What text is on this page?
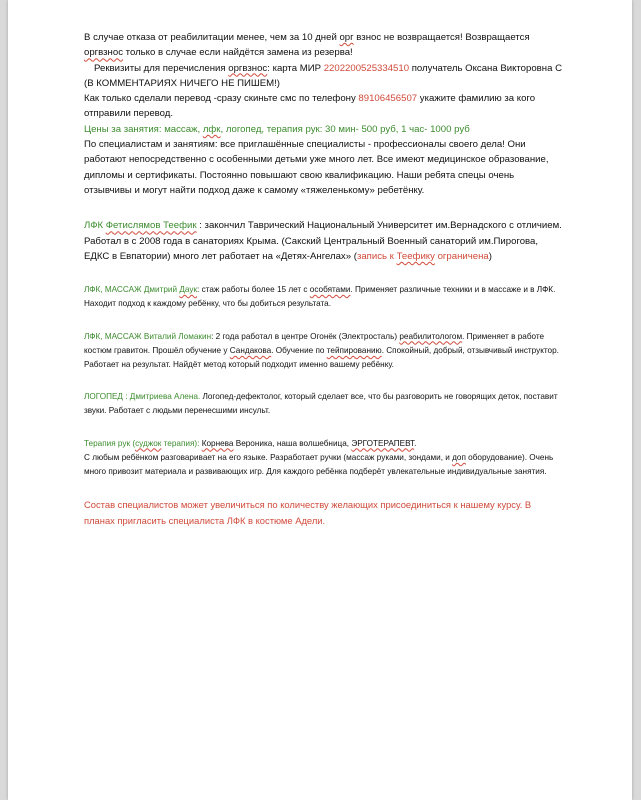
В случае отказа от реабилитации менее, чем за 10 дней орг взнос не возвращается! Возвращается оргвзнос только в случае если найдётся замена из резерва!

Реквизиты для перечисления оргвзнос: карта МИР 2202200525334510 получатель Оксана Викторовна С (В КОММЕНТАРИЯХ НИЧЕГО НЕ ПИШЕМ!)

Как только сделали перевод -сразу скиньте смс по телефону 89106456507 укажите фамилию за кого отправили перевод.

Цены за занятия: массаж, лфк, логопед, терапия рук: 30 мин- 500 руб, 1 час- 1000 руб

По специалистам и занятиям: все приглашённые специалисты - профессионалы своего дела! Они работают непосредственно с особенными детьми уже много лет. Все имеют медицинское образование, дипломы и сертификаты. Постоянно повышают свою квалификацию. Наши ребята спецы очень отзывчивы и могут найти подход даже к самому «тяжеленькому» ребетёнку.

ЛФК Фетислямов Теефик : закончил Таврический Национальный Университет им.Вернадского с отличием. Работал в с 2008 года в санаториях Крыма. (Сакский Центральный Военный санаторий им.Пирогова, ЕДКС в Евпатории) много лет работает на «Детях-Ангелах» (запись к Теефику ограничена)

ЛФК, МАССАЖ Дмитрий Даук: стаж работы более 15 лет с особятами. Применяет различные техники и в массаже и в ЛФК. Находит подход к каждому ребёнку, что бы добиться результата.

ЛФК, МАССАЖ Виталий Ломакин: 2 года работал в центре Огонёк (Электросталь) реабилитологом. Применяет в работе костюм гравитон. Прошёл обучение у Сандакова. Обучение по тейпированию. Спокойный, добрый, отзывчивый инструктор. Работает на результат. Найдёт метод который подходит именно вашему ребёнку.

ЛОГОПЕД : Дмитриева Алена. Логопед-дефектолог, который сделает все, что бы разговорить не говорящих деток, поставит звуки. Работает с людьми перенесшими инсульт.

Терапия рук (суджок терапия): Корнева Вероника, наша волшебница, ЭРГОТЕРАПЕВТ.
С любым ребёнком разговаривает на его языке. Разработает ручки (массаж руками, зондами, и доп оборудование). Очень много привозит материала и развивающих игр. Для каждого ребёнка подберёт увлекательные индивидуальные занятия.

Состав специалистов может увеличиться по количеству желающих присоединиться к нашему курсу. В планах пригласить специалиста ЛФК в костюме Адели.
